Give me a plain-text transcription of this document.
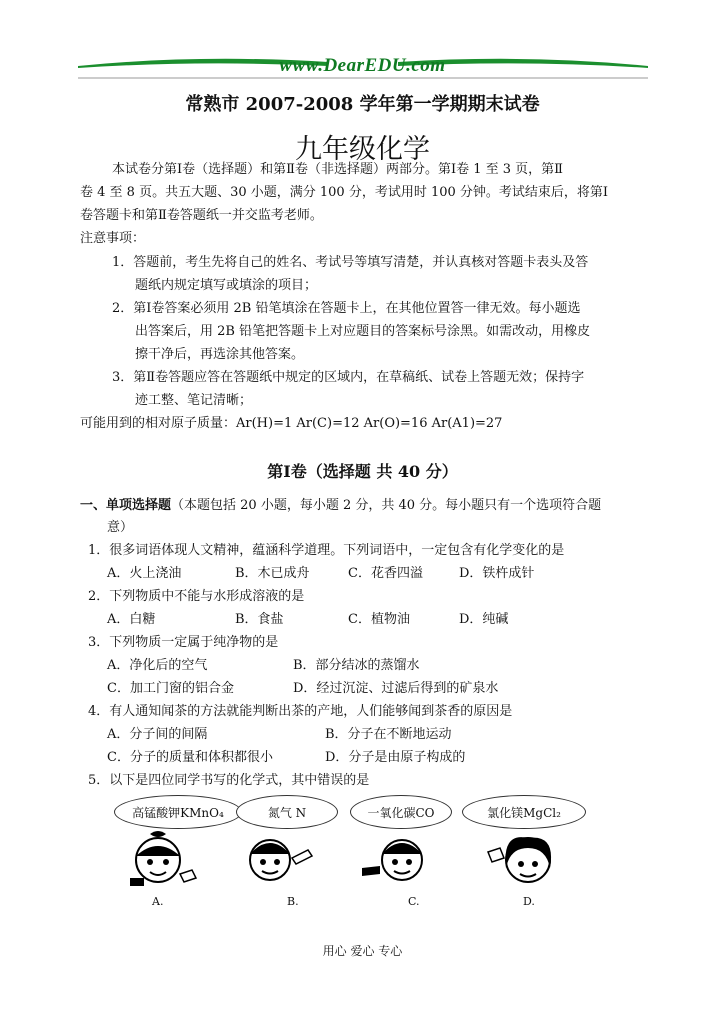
www.DearEDU.com
常熟市 2007-2008 学年第一学期期末试卷
九年级化学
本试卷分第Ⅰ卷（选择题）和第Ⅱ卷（非选择题）两部分。第Ⅰ卷 1 至 3 页，第Ⅱ
卷 4 至 8 页。共五大题、30 小题，满分 100 分，考试用时 100 分钟。考试结束后，将第Ⅰ
卷答题卡和第Ⅱ卷答题纸一并交监考老师。
注意事项：
1．答题前，考生先将自己的姓名、考试号等填写清楚，并认真核对答题卡表头及答
题纸内规定填写或填涂的项目；
2．第Ⅰ卷答案必须用 2B 铅笔填涂在答题卡上，在其他位置答一律无效。每小题选
出答案后，用 2B 铅笔把答题卡上对应题目的答案标号涂黑。如需改动，用橡皮
擦干净后，再选涂其他答案。
3．第Ⅱ卷答题应答在答题纸中规定的区域内，在草稿纸、试卷上答题无效；保持字
迹工整、笔记清晰；
可能用到的相对原子质量：Ar(H)=1 Ar(C)=12 Ar(O)=16 Ar(A1)=27
第Ⅰ卷（选择题 共 40 分）
一、单项选择题（本题包括 20 小题，每小题 2 分，共 40 分。每小题只有一个选项符合题
意）
1．很多词语体现人文精神，蕴涵科学道理。下列词语中，一定包含有化学变化的是
A．火上浇油	B．木已成舟	C．花香四溢	D．铁杵成针
2．下列物质中不能与水形成溶液的是
A．白糖	B．食盐	C．植物油	D．纯碱
3．下列物质一定属于纯净物的是
A．净化后的空气	B．部分结冰的蒸馏水
C．加工门窗的铝合金	D．经过沉淀、过滤后得到的矿泉水
4．有人通知闻茶的方法就能判断出茶的产地，人们能够闻到茶香的原因是
A．分子间的间隔	B．分子在不断地运动
C．分子的质量和体积都很小	D．分子是由原子构成的
5．以下是四位同学书写的化学式，其中错误的是
高锰酸钾KMnO₄	氮气 N	一氧化碳CO	氯化镁MgCl₂
A.	B.	C.	D.
用心 爱心 专心
